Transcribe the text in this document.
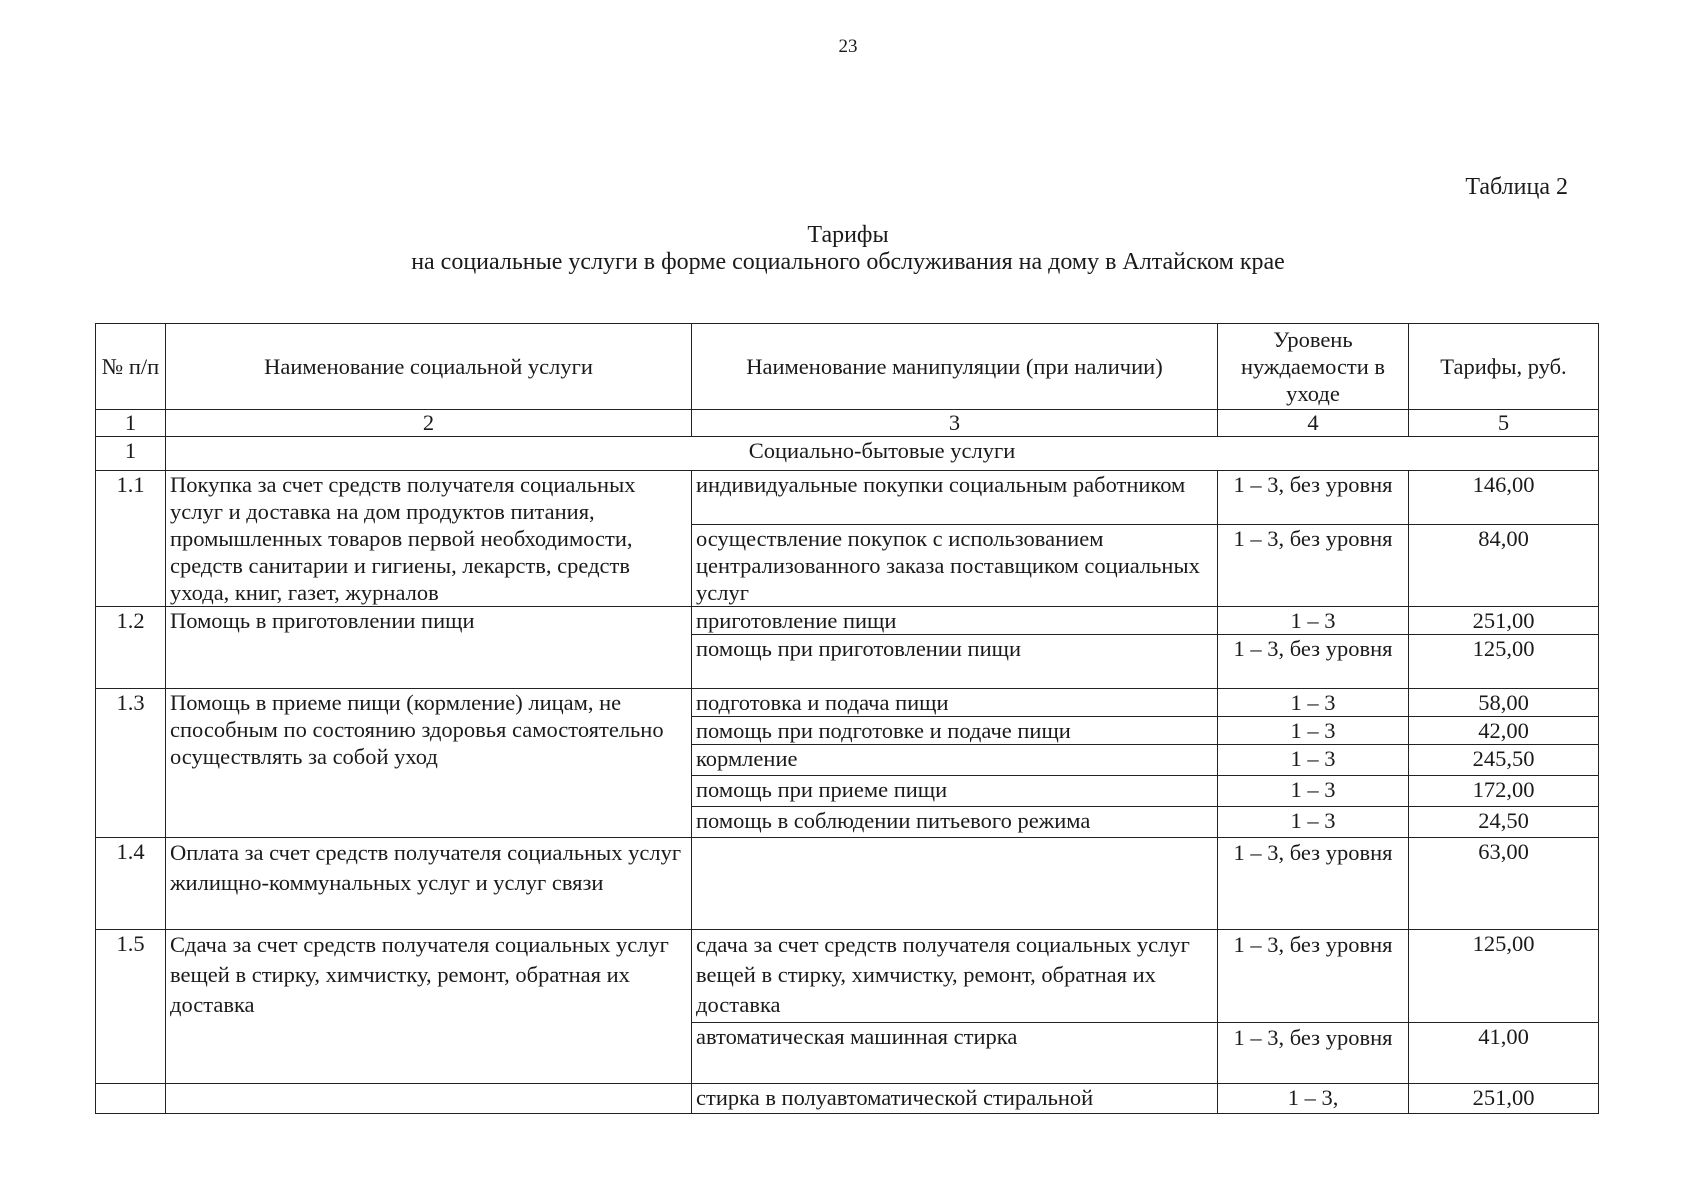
23
Таблица 2
Тарифы
на социальные услуги в форме социального обслуживания на дому в Алтайском крае
№ п/п	Наименование социальной услуги	Наименование манипуляции (при наличии)	Уровень нуждаемости в уходе	Тарифы, руб.
1	2	3	4	5
1	Социально-бытовые услуги			
1.1	Покупка за счет средств получателя социальных услуг и доставка на дом продуктов питания, промышленных товаров первой необходимости, средств санитарии и гигиены, лекарств, средств ухода, книг, газет, журналов	индивидуальные покупки социальным работником	1 – 3, без уровня	146,00
		осуществление покупок с использованием централизованного заказа поставщиком социальных услуг	1 – 3, без уровня	84,00
1.2	Помощь в приготовлении пищи	приготовление пищи	1 – 3	251,00
		помощь при приготовлении пищи	1 – 3, без уровня	125,00
1.3	Помощь в приеме пищи (кормление) лицам, не способным по состоянию здоровья самостоятельно осуществлять за собой уход	подготовка и подача пищи	1 – 3	58,00
		помощь при подготовке и подаче пищи	1 – 3	42,00
		кормление	1 – 3	245,50
		помощь при приеме пищи	1 – 3	172,00
		помощь в соблюдении питьевого режима	1 – 3	24,50
1.4	Оплата за счет средств получателя социальных услуг жилищно-коммунальных услуг и услуг связи		1 – 3, без уровня	63,00
1.5	Сдача за счет средств получателя социальных услуг вещей в стирку, химчистку, ремонт, обратная их доставка	сдача за счет средств получателя социальных услуг вещей в стирку, химчистку, ремонт, обратная их доставка	1 – 3, без уровня	125,00
		автоматическая машинная стирка	1 – 3, без уровня	41,00
		стирка в полуавтоматической стиральной	1 – 3,	251,00
